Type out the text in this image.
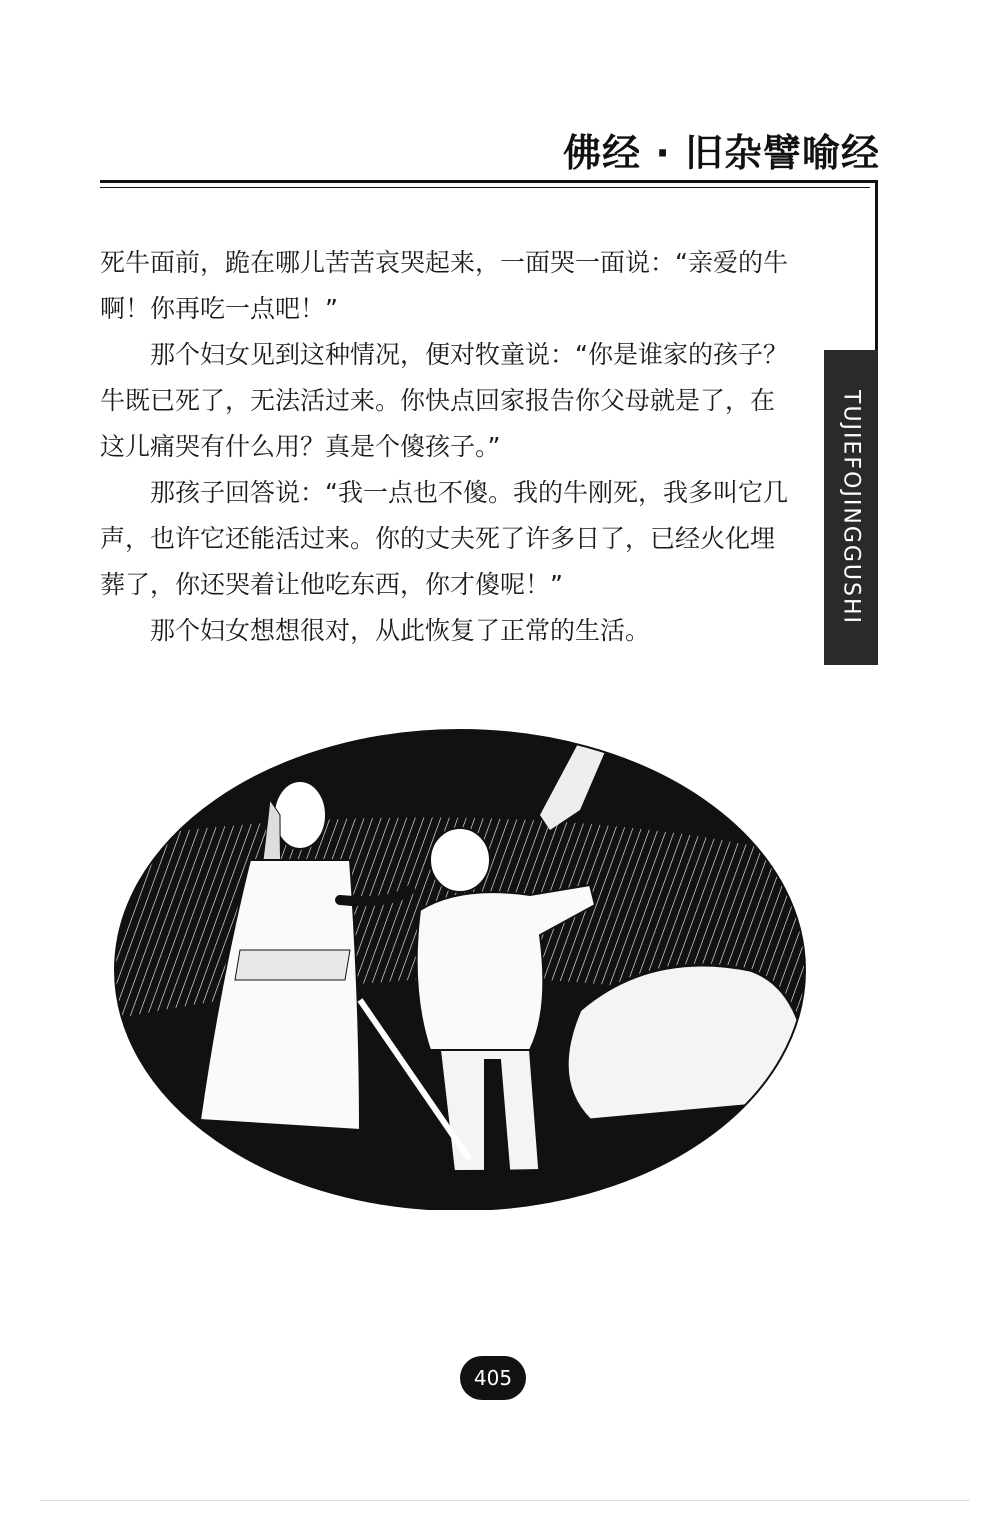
佛经 · 旧杂譬喻经
TUJIEFOJINGGUSHI

死牛面前，跪在哪儿苦苦哀哭起来，一面哭一面说：“亲爱的牛啊！你再吃一点吧！”

那个妇女见到这种情况，便对牧童说：“你是谁家的孩子？牛既已死了，无法活过来。你快点回家报告你父母就是了，在这儿痛哭有什么用？真是个傻孩子。”

那孩子回答说：“我一点也不傻。我的牛刚死，我多叫它几声，也许它还能活过来。你的丈夫死了许多日了，已经火化埋葬了，你还哭着让他吃东西，你才傻呢！”

那个妇女想想很对，从此恢复了正常的生活。

405
